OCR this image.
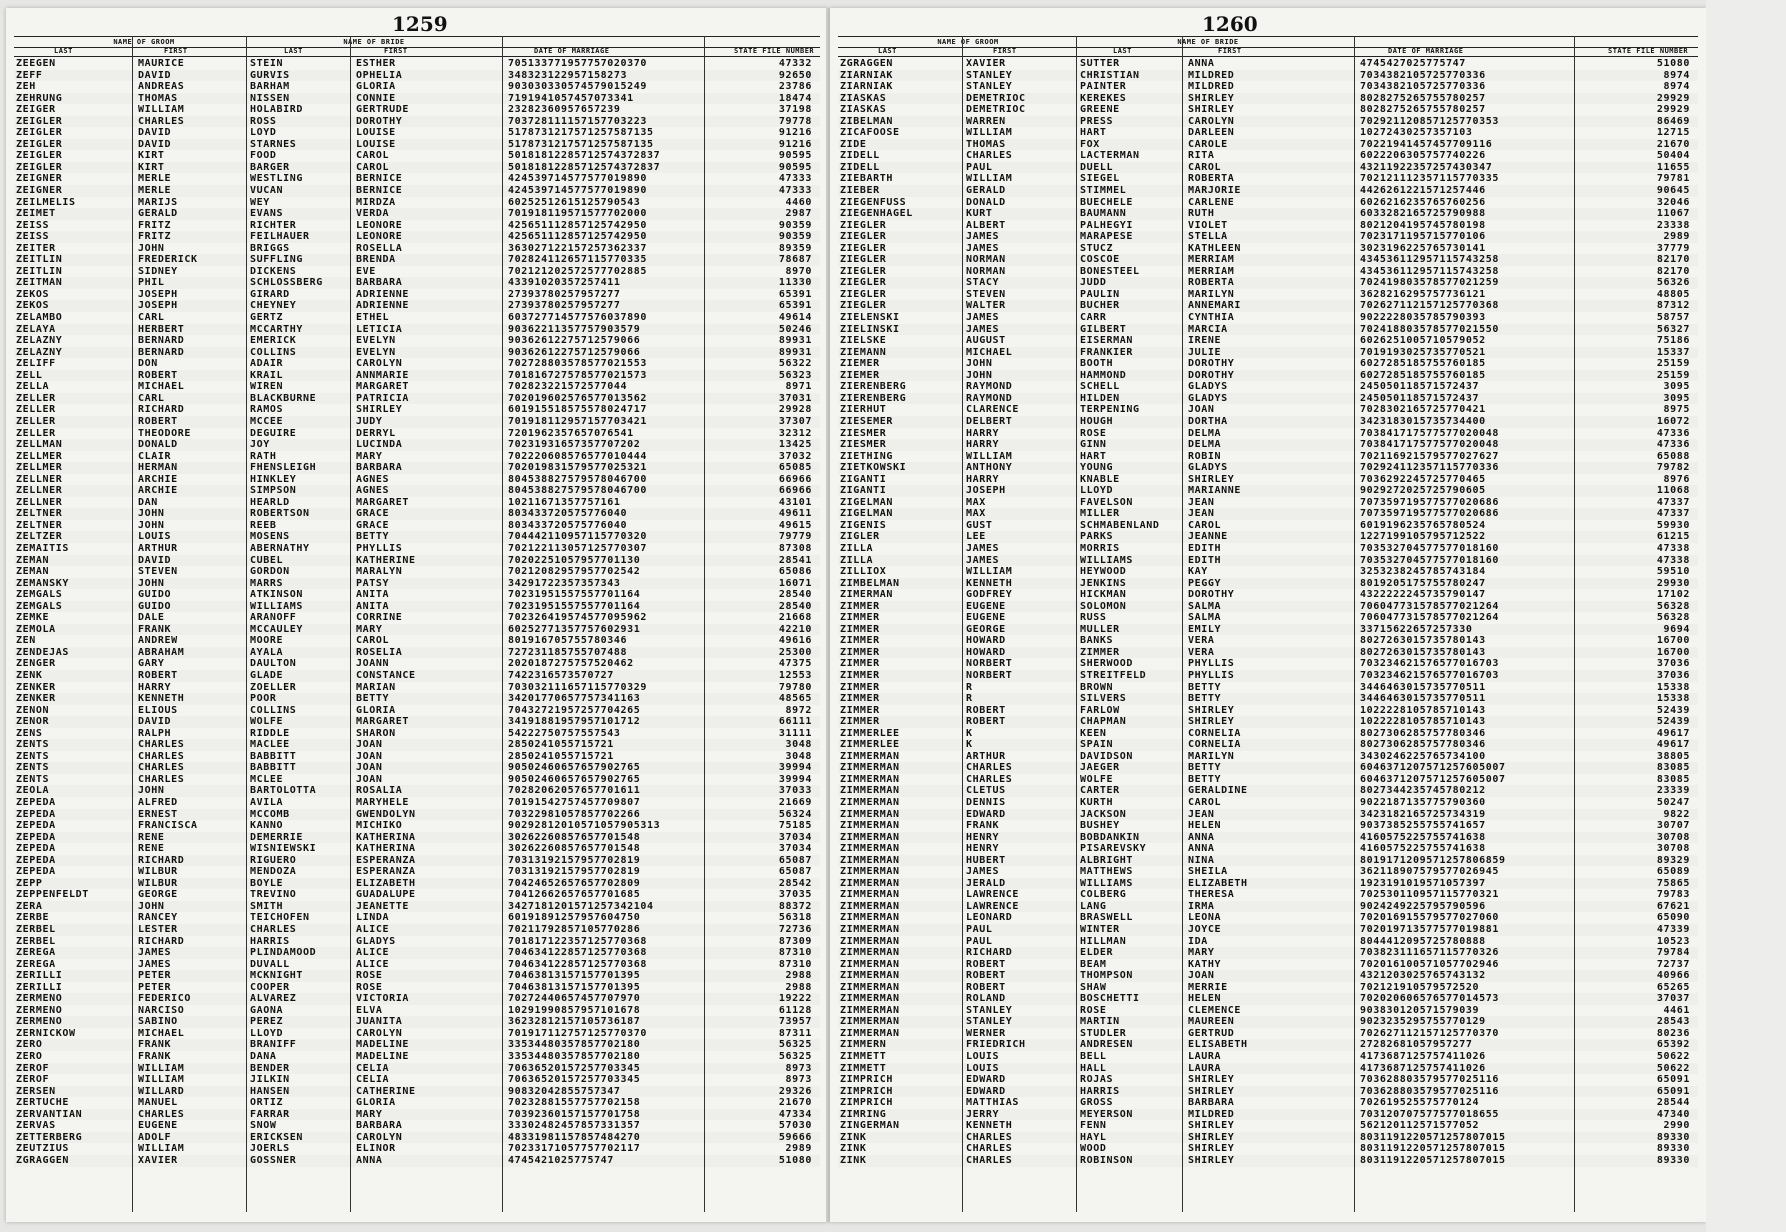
1259
NAME OF GROOM	NAME OF BRIDE
LAST	FIRST	LAST	FIRST	DATE OF MARRIAGE	STATE FILE NUMBER
ZEEGEN	MAURICE	STEIN	ESTHER	705133771957757020370	47332
ZEFF	DAVID	GURVIS	OPHELIA	348323122957158273	92650
ZEH	ANDREAS	BARHAM	GLORIA	903030330574579015249	23786
ZEHRUNG	THOMAS	NISSEN	CONNIE	7191941057457073341	18474
ZEIGER	WILLIAM	HOLABIRD	GERTRUDE	23282360957657239	37198
ZEIGLER	CHARLES	ROSS	DOROTHY	703728111157157703223	79778
ZEIGLER	DAVID	LOYD	LOUISE	5178731217571257587135	91216
ZEIGLER	DAVID	STARNES	LOUISE	5178731217571257587135	91216
ZEIGLER	KIRT	FOOD	CAROL	50181812285712574372837	90595
ZEIGLER	KIRT	BARGER	CAROL	50181812285712574372837	90595
ZEIGNER	MERLE	WESTLING	BERNICE	424539714577577019890	47333
ZEIGNER	MERLE	VUCAN	BERNICE	424539714577577019890	47333
ZEILMELIS	MARIJS	WEY	MIRDZA	60252512615125790543	4460
ZEIMET	GERALD	EVANS	VERDA	701918119571577702000	2987
ZEISS	FRITZ	RICHTER	LEONORE	425651112857125742950	90359
ZEISS	FRITZ	FEILHAUER	LEONORE	425651112857125742950	90359
ZEITER	JOHN	BRIGGS	ROSELLA	363027122157257362337	89359
ZEITLIN	FREDERICK	SUFFLING	BRENDA	702824112657115770335	78687
ZEITLIN	SIDNEY	DICKENS	EVE	702121202572577702885	8970
ZEITMAN	PHIL	SCHLOSSBERG	BARBARA	43391020357257411	11330
ZEKOS	JOSEPH	GIRARD	ADRIENNE	27393780257957277	65391
ZEKOS	JOSEPH	CHEYNEY	ADRIENNE	27393780257957277	65391
ZELAMBO	CARL	GERTZ	ETHEL	603727714577576037890	49614
ZELAYA	HERBERT	MCCARTHY	LETICIA	90362211357757903579	50246
ZELAZNY	BERNARD	EMERICK	EVELYN	90362612275712579066	89931
ZELAZNY	BERNARD	COLLINS	EVELYN	90362612275712579066	89931
ZELIFF	DON	ADAIR	CAROLYN	702728803578577021553	56322
ZELL	ROBERT	KRAIL	ANNMARIE	701816727578577021573	56323
ZELLA	MICHAEL	WIREN	MARGARET	702823221572577044	8971
ZELLER	CARL	BLACKBURNE	PATRICIA	702019602576577013562	37031
ZELLER	RICHARD	RAMOS	SHIRLEY	601915518575578024717	29928
ZELLER	ROBERT	MCCEE	JUDY	701918112957157703421	37307
ZELLER	THEODORE	DEGUIRE	DERRYL	7201962357657076541	32312
ZELLMAN	DONALD	JOY	LUCINDA	70231931657357707202	13425
ZELLMER	CLAIR	RATH	MARY	702220608576577010444	37032
ZELLMER	HERMAN	FHENSLEIGH	BARBARA	702019831579577025321	65085
ZELLNER	ARCHIE	HINKLEY	AGNES	804538827579578046700	66966
ZELLNER	ARCHIE	SIMPSON	AGNES	804538827579578046700	66966
ZELLNER	DAN	HEARLD	MARGARET	10211671357757161	43101
ZELTNER	JOHN	ROBERTSON	GRACE	803433720575776040	49611
ZELTNER	JOHN	REEB	GRACE	803433720575776040	49615
ZELTZER	LOUIS	MOSENS	BETTY	704442110957115770320	79779
ZEMAITIS	ARTHUR	ABERNATHY	PHYLLIS	702122113057125770307	87308
ZEMAN	DAVID	CUBEL	KATHERINE	70202251057957701130	28541
ZEMAN	STEVEN	GORDON	MARALYN	70212082957957702542	65086
ZEMANSKY	JOHN	MARRS	PATSY	34291722357357343	16071
ZEMGALS	GUIDO	ATKINSON	ANITA	70231951557557701164	28540
ZEMGALS	GUIDO	WILLIAMS	ANITA	70231951557557701164	28540
ZEMKE	DALE	ARANOFF	CORRINE	702326419574577095962	21668
ZEMOLA	FRANK	MCCAULEY	MARY	60252771357757602931	42210
ZEN	ANDREW	MOORE	CAROL	801916705755780346	49616
ZENDEJAS	ABRAHAM	AYALA	ROSELIA	727231185755707488	25300
ZENGER	GARY	DAULTON	JOANN	2020187275757520462	47375
ZENK	ROBERT	GLADE	CONSTANCE	7422316573570727	12553
ZENKER	HARRY	ZOELLER	MARIAN	703032111657115770329	79780
ZENKER	KENNETH	POOR	BETTY	34201770657757341163	48565
ZENON	ELIOUS	COLLINS	GLORIA	70432721957257704265	8972
ZENOR	DAVID	WOLFE	MARGARET	34191881957957101712	66111
ZENS	RALPH	RIDDLE	SHARON	54222750757557543	31111
ZENTS	CHARLES	MACLEE	JOAN	2850241055715721	3048
ZENTS	CHARLES	BABBITT	JOAN	2850241055715721	3048
ZENTS	CHARLES	BABBITT	JOAN	90502460657657902765	39994
ZENTS	CHARLES	MCLEE	JOAN	90502460657657902765	39994
ZEOLA	JOHN	BARTOLOTTA	ROSALIA	70282062057657701611	37033
ZEPEDA	ALFRED	AVILA	MARYHELE	70191542757457709807	21669
ZEPEDA	ERNEST	MCCOMB	GWENDOLYN	70322981057857702266	56324
ZEPEDA	FRANCISCA	KANNO	MICHIKO	90292812010571057905313	75185
ZEPEDA	RENE	DEMERRIE	KATHERINA	30262260857657701548	37034
ZEPEDA	RENE	WISNIEWSKI	KATHERINA	30262260857657701548	37034
ZEPEDA	RICHARD	RIGUERO	ESPERANZA	70313192157957702819	65087
ZEPEDA	WILBUR	MENDOZA	ESPERANZA	70313192157957702819	65087
ZEPP	WILBUR	BOYLE	ELIZABETH	70424652657657702809	28542
ZEPPENFELDT	GEORGE	TREVINO	GUADALUPE	70412662657657701685	37035
ZERA	JOHN	SMITH	JEANETTE	3427181201571257342104	88372
ZERBE	RANCEY	TEICHOFEN	LINDA	60191891257957604750	56318
ZERBEL	LESTER	CHARLES	ALICE	70211792857105770286	72736
ZERBEL	RICHARD	HARRIS	GLADYS	701817122357125770368	87309
ZEREGA	JAMES	PLINDAMOOD	ALICE	704634122857125770368	87310
ZEREGA	JAMES	DUVALL	ALICE	704634122857125770368	87310
ZERILLI	PETER	MCKNIGHT	ROSE	70463813157157701395	2988
ZERILLI	PETER	COOPER	ROSE	70463813157157701395	2988
ZERMENO	FEDERICO	ALVAREZ	VICTORIA	70272440657457707970	19222
ZERMENO	NARCISO	GAONA	ELVA	10291990857957101678	61128
ZERMENO	SABINO	PEREZ	JUANITA	36232812157105736187	73957
ZERNICKOW	MICHAEL	LLOYD	CAROLYN	701917112757125770370	87311
ZERO	FRANK	BRANIFF	MADELINE	33534480357857702180	56325
ZERO	FRANK	DANA	MADELINE	33534480357857702180	56325
ZEROF	WILLIAM	BENDER	CELIA	70636520157257703345	8973
ZEROF	WILLIAM	JILKIN	CELIA	70636520157257703345	8973
ZERSEN	WILLARD	HANSEN	CATHERINE	90832042855757347	29326
ZERTUCHE	MANUEL	ORTIZ	GLORIA	70232881557757702158	21670
ZERVANTIAN	CHARLES	FARRAR	MARY	70392360157157701758	47334
ZERVAS	EUGENE	SNOW	BARBARA	33302482457857331357	57030
ZETTERBERG	ADOLF	ERICKSEN	CAROLYN	48331981157857484270	59666
ZEUTZIUS	WILLIAM	JOERLS	ELINOR	70233171057757702117	2989
ZGRAGGEN	XAVIER	GOSSNER	ANNA	4745421025775747	51080
1260
NAME OF GROOM	NAME OF BRIDE
LAST	FIRST	LAST	FIRST	DATE OF MARRIAGE	STATE FILE NUMBER
ZGRAGGEN	XAVIER	SUTTER	ANNA	4745427025775747	51080
ZIARNIAK	STANLEY	CHRISTIAN	MILDRED	7034382105725770336	8974
ZIARNIAK	STANLEY	PAINTER	MILDRED	7034382105725770336	8974
ZIASKAS	DEMETRIOC	KEREKES	SHIRLEY	8028275265755780257	29929
ZIASKAS	DEMETRIOC	GREENE	SHIRLEY	8028275265755780257	29929
ZIBELMAN	WARREN	PRESS	CAROLYN	702921120857125770353	86469
ZICAFOOSE	WILLIAM	HART	DARLEEN	10272430257357103	12715
ZIDE	THOMAS	FOX	CAROLE	70221941457457709116	21670
ZIDELL	CHARLES	LACTERMAN	RITA	6022206305757740226	50404
ZIDELL	PAUL	DUELL	CAROL	43211922357257430347	11655
ZIEBARTH	WILLIAM	SIEGEL	ROBERTA	702121112357115770335	79781
ZIEBER	GERALD	STIMMEL	MARJORIE	4426261221571257446	90645
ZIEGENFUSS	DONALD	BUECHELE	CARLENE	6026216235765760256	32046
ZIEGENHAGEL	KURT	BAUMANN	RUTH	6033282165725790988	11067
ZIEGLER	ALBERT	PALHEGYI	VIOLET	8021204195745780198	23338
ZIEGLER	JAMES	MARAPESE	STELLA	7023171195715770106	2989
ZIEGLER	JAMES	STUCZ	KATHLEEN	3023196225765730141	37779
ZIEGLER	NORMAN	COSCOE	MERRIAM	434536112957115743258	82170
ZIEGLER	NORMAN	BONESTEEL	MERRIAM	434536112957115743258	82170
ZIEGLER	STACY	JUDD	ROBERTA	702419803578577021259	56326
ZIEGLER	STEVEN	PAULIN	MARILYN	3628216295757736121	48805
ZIEGLER	WALTER	BUCHER	ANNEMARI	702627112157125770368	87312
ZIELENSKI	JAMES	CARR	CYNTHIA	9022228035785790393	58757
ZIELINSKI	JAMES	GILBERT	MARCIA	702418803578577021550	56327
ZIELSKE	AUGUST	EISERMAN	IRENE	6026251005710579052	75186
ZIEMANN	MICHAEL	FRANKIER	JULIE	7019193025735770521	15337
ZIEMER	JOHN	BOOTH	DOROTHY	6027285185755760185	25159
ZIEMER	JOHN	HAMMOND	DOROTHY	6027285185755760185	25159
ZIERENBERG	RAYMOND	SCHELL	GLADYS	245050118571572437	3095
ZIERENBERG	RAYMOND	HILDEN	GLADYS	245050118571572437	3095
ZIERHUT	CLARENCE	TERPENING	JOAN	7028302165725770421	8975
ZIESEMER	DELBERT	HOUGH	DORTHA	3423183015735734400	16072
ZIESMER	HARRY	ROSE	DELMA	703841717577577020048	47336
ZIESMER	HARRY	GINN	DELMA	703841717577577020048	47336
ZIETHING	WILLIAM	HART	ROBIN	702116921579577027627	65088
ZIETKOWSKI	ANTHONY	YOUNG	GLADYS	702924112357115770336	79782
ZIGANTI	HARRY	KNABLE	SHIRLEY	7036292245725770465	8976
ZIGANTI	JOSEPH	LLOYD	MARIANNE	9029272025725790605	11068
ZIGELMAN	MAX	FAVELSON	JEAN	707359719577577020686	47337
ZIGELMAN	MAX	MILLER	JEAN	707359719577577020686	47337
ZIGENIS	GUST	SCHMABENLAND	CAROL	6019196235765780524	59930
ZIGLER	LEE	PARKS	JEANNE	1227199105795712522	61215
ZILLA	JAMES	MORRIS	EDITH	703532704577577018160	47338
ZILLA	JAMES	WILLIAMS	EDITH	703532704577577018160	47338
ZILLIOX	WILLIAM	HEYWOOD	KAY	3253238245785743184	59510
ZIMBELMAN	KENNETH	JENKINS	PEGGY	8019205175755780247	29930
ZIMERMAN	GODFREY	HICKMAN	DOROTHY	4322222245735790147	17102
ZIMMER	EUGENE	SOLOMON	SALMA	706047731578577021264	56328
ZIMMER	EUGENE	RUSS	SALMA	706047731578577021264	56328
ZIMMER	GEORGE	MULLER	EMILY	33715622657257330	9694
ZIMMER	HOWARD	BANKS	VERA	8027263015735780143	16700
ZIMMER	HOWARD	ZIMMER	VERA	8027263015735780143	16700
ZIMMER	NORBERT	SHERWOOD	PHYLLIS	703234621576577016703	37036
ZIMMER	NORBERT	STREITFELD	PHYLLIS	703234621576577016703	37036
ZIMMER	R	BROWN	BETTY	3446463015735770511	15338
ZIMMER	R	SILVERS	BETTY	3446463015735770511	15338
ZIMMER	ROBERT	FARLOW	SHIRLEY	1022228105785710143	52439
ZIMMER	ROBERT	CHAPMAN	SHIRLEY	1022228105785710143	52439
ZIMMERLEE	K	KEEN	CORNELIA	8027306285757780346	49617
ZIMMERLEE	K	SPAIN	CORNELIA	8027306285757780346	49617
ZIMMERMAN	ARTHUR	DAVIDSON	MARILYN	3430246225765734100	38805
ZIMMERMAN	CHARLES	JAEGER	BETTY	6046371207571257605007	83085
ZIMMERMAN	CHARLES	WOLFE	BETTY	6046371207571257605007	83085
ZIMMERMAN	CLETUS	CARTER	GERALDINE	8027344235745780212	23339
ZIMMERMAN	DENNIS	KURTH	CAROL	9022187135775790360	50247
ZIMMERMAN	EDWARD	JACKSON	JEAN	3423182165725734319	9822
ZIMMERMAN	FRANK	BUSHEY	HELEN	9037385255755741657	30707
ZIMMERMAN	HENRY	BOBDANKIN	ANNA	4160575225755741638	30708
ZIMMERMAN	HENRY	PISAREVSKY	ANNA	4160575225755741638	30708
ZIMMERMAN	HUBERT	ALBRIGHT	NINA	8019171209571257806859	89329
ZIMMERMAN	JAMES	MATTHEWS	SHEILA	362118907579577026945	65089
ZIMMERMAN	JERALD	WILLIAMS	ELIZABETH	1923191019571057397	75865
ZIMMERMAN	LAWRENCE	COLBERG	THERESA	702530110957115770321	79783
ZIMMERMAN	LAWRENCE	LANG	IRMA	9024249225795790596	67621
ZIMMERMAN	LEONARD	BRASWELL	LEONA	702016915579577027060	65090
ZIMMERMAN	PAUL	WINTER	JOYCE	702019713577577019881	47339
ZIMMERMAN	PAUL	HILLMAN	IDA	8044412095725780888	10523
ZIMMERMAN	RICHARD	ELDER	MARY	703823111657115770326	79784
ZIMMERMAN	ROBERT	BEAM	KATHY	702016100571057702946	72737
ZIMMERMAN	ROBERT	THOMPSON	JOAN	4321203025765743132	40966
ZIMMERMAN	ROBERT	SHAW	MERRIE	702121910579572520	65265
ZIMMERMAN	ROLAND	BOSCHETTI	HELEN	702020606576577014573	37037
ZIMMERMAN	STANLEY	ROSE	CLEMENCE	903830120571579039	4461
ZIMMERMAN	STANLEY	MARTIN	MAUREEN	9023235295755770129	28543
ZIMMERMAN	WERNER	STUDLER	GERTRUD	702627112157125770370	80236
ZIMMERN	FRIEDRICH	ANDRESEN	ELISABETH	27282681057957277	65392
ZIMMETT	LOUIS	BELL	LAURA	4173687125757411026	50622
ZIMMETT	LOUIS	HALL	LAURA	4173687125757411026	50622
ZIMPRICH	EDWARD	ROJAS	SHIRLEY	703628803579577025116	65091
ZIMPRICH	EDWARD	HARRIS	SHIRLEY	703628803579577025116	65091
ZIMPRICH	MATTHIAS	GROSS	BARBARA	702619525575770124	28544
ZIMRING	JERRY	MEYERSON	MILDRED	703120707577577018655	47340
ZINGERMAN	KENNETH	FENN	SHIRLEY	562120112571577052	2990
ZINK	CHARLES	HAYL	SHIRLEY	8031191220571257807015	89330
ZINK	CHARLES	WOOD	SHIRLEY	8031191220571257807015	89330
ZINK	CHARLES	ROBINSON	SHIRLEY	8031191220571257807015	89330
